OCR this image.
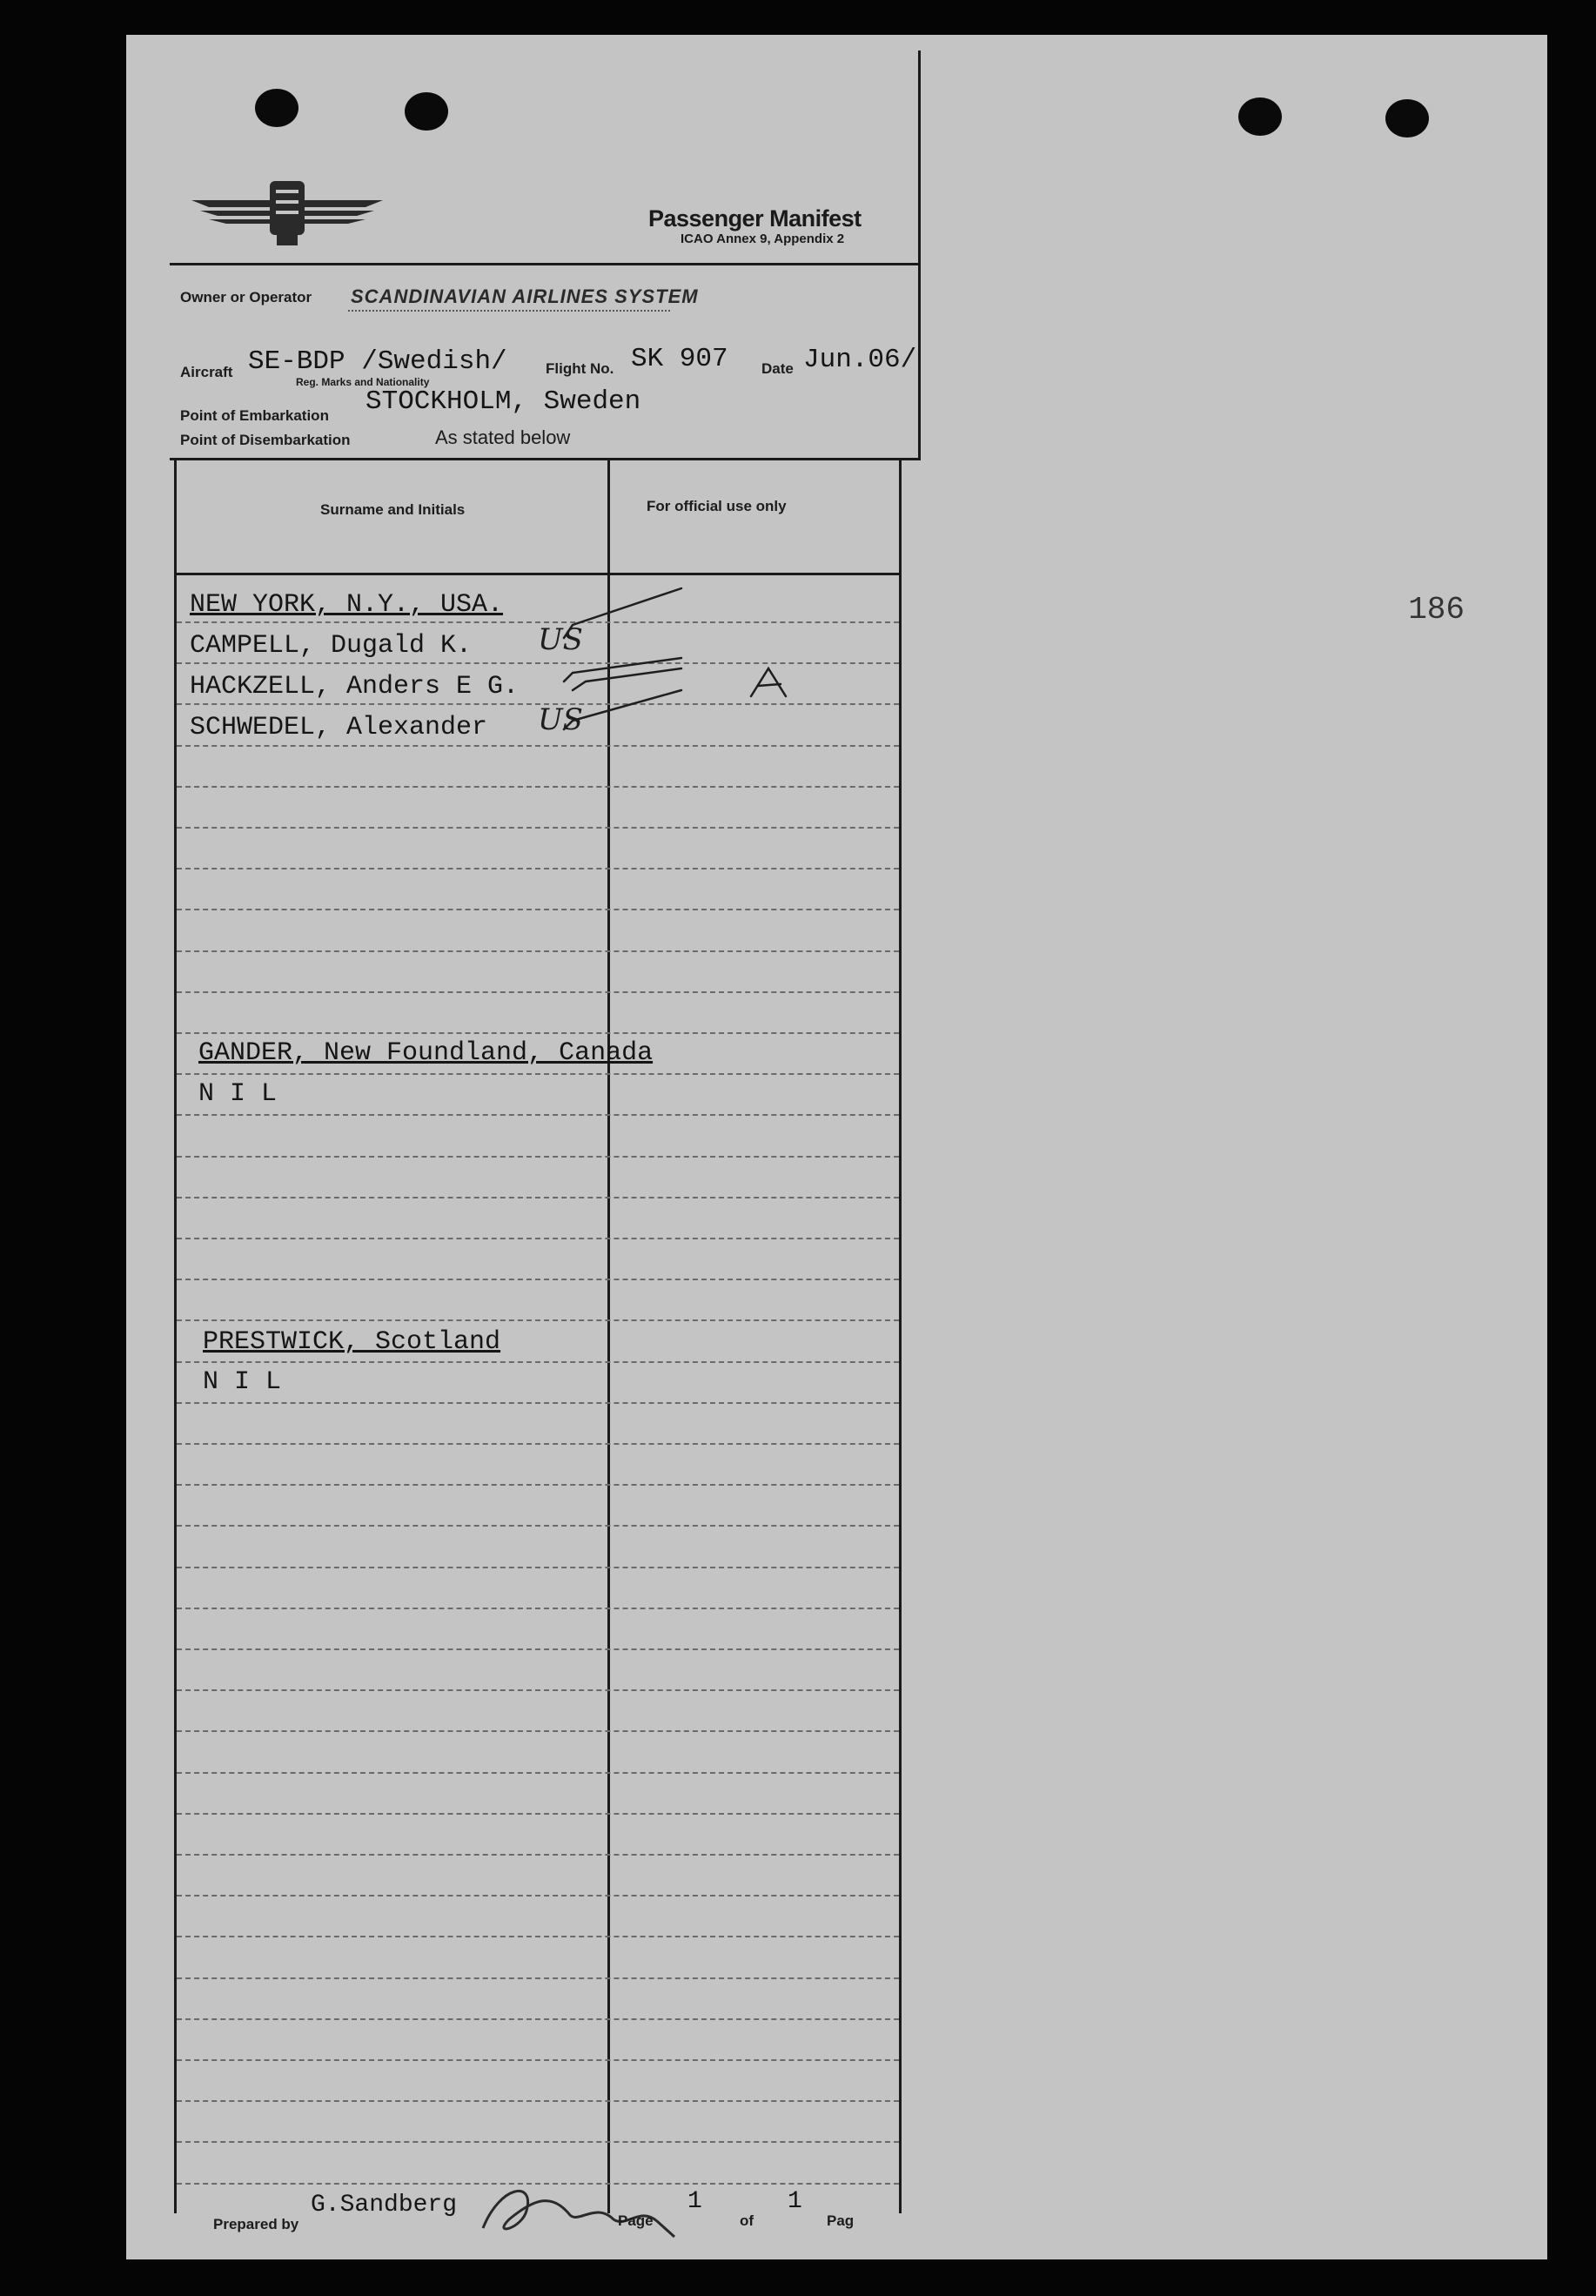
Passenger Manifest
ICAO Annex 9, Appendix 2
Owner or Operator SCANDINAVIAN AIRLINES SYSTEM
Aircraft SE-BDP /Swedish/
Reg. Marks and Nationality
Flight No. SK 907 Date Jun.06/
Point of Embarkation STOCKHOLM, Sweden
Point of Disembarkation	As stated below
Surname and Initials	For official use only
NEW YORK, N.Y., USA.
CAMPELL, Dugald K.
HACKZELL, Anders E G.
SCHWEDEL, Alexander
GANDER, New Foundland, Canada
N I L
PRESTWICK, Scotland
N I L
US
US
Prepared by
G.Sandberg
Page
1
of
1
Pag
186
